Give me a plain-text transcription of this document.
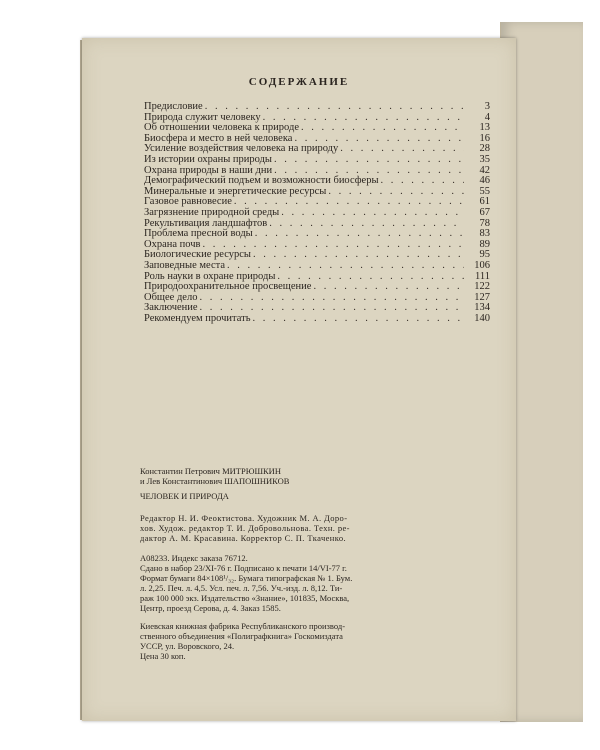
СОДЕРЖАНИЕ
Предисловие . . .	3
Природа служит человеку . . .	4
Об отношении человека к природе . . .	13
Биосфера и место в ней человека . . .	16
Усиление воздействия человека на природу . . .	28
Из истории охраны природы . . .	35
Охрана природы в наши дни . . .	42
Демографический подъем и возможности биосферы . . .	46
Минеральные и энергетические ресурсы . . .	55
Газовое равновесие . . .	61
Загрязнение природной среды . . .	67
Рекультивация ландшафтов . . .	78
Проблема пресной воды . . .	83
Охрана почв . . .	89
Биологические ресурсы . . .	95
Заповедные места . . .	106
Роль науки в охране природы . . .	111
Природоохранительное просвещение . . .	122
Общее дело . . .	127
Заключение . . .	134
Рекомендуем прочитать . . .	140
Константин Петрович МИТРЮШКИН
и Лев Константинович ШАПОШНИКОВ
ЧЕЛОВЕК И ПРИРОДА
Редактор Н. И. Феоктистова. Художник М. А. Доро-
хов. Худож. редактор Т. И. Добровольнова. Техн. ре-
дактор А. М. Красавина. Корректор С. П. Ткаченко.
А08233. Индекс заказа 76712.
Сдано в набор 23/XI-76 г. Подписано к печати 14/VI-77 г.
Формат бумаги 84×108¹/₃₂. Бумага типографская № 1. Бум.
л. 2,25. Печ. л. 4,5. Усл. печ. л. 7,56. Уч.-изд. л. 8,12. Ти-
раж 100 000 экз. Издательство «Знание», 101835, Москва,
Центр, проезд Серова, д. 4. Заказ 1585.
Киевская книжная фабрика Республиканского производ-
ственного объединения «Полиграфкнига» Госкомиздата
УССР, ул. Воровского, 24.
Цена 30 коп.
